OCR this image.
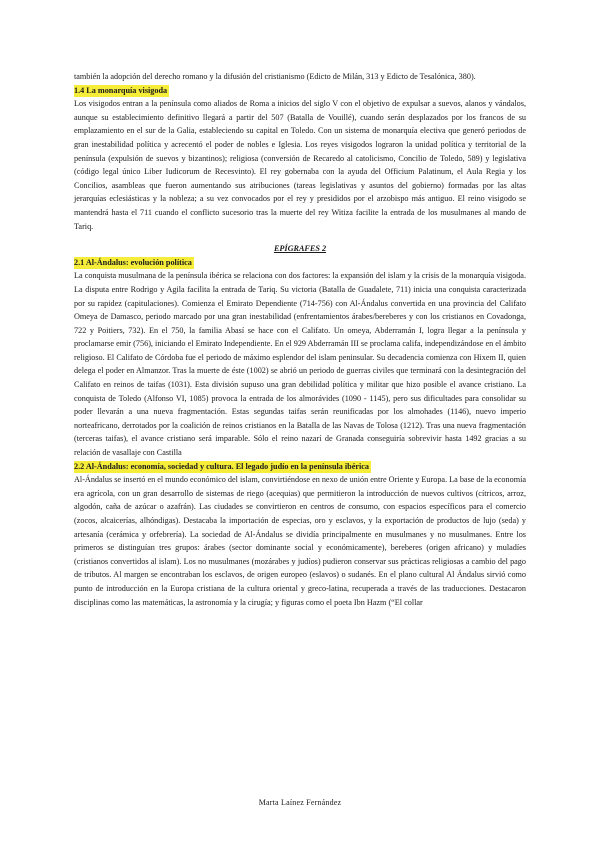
también la adopción del derecho romano y la difusión del cristianismo (Edicto de Milán, 313 y Edicto de Tesalónica, 380).

1.4 La monarquía visigoda

Los visigodos entran a la península como aliados de Roma a inicios del siglo V con el objetivo de expulsar a suevos, alanos y vándalos, aunque su establecimiento definitivo llegará a partir del 507 (Batalla de Vouillé), cuando serán desplazados por los francos de su emplazamiento en el sur de la Galia, estableciendo su capital en Toledo. Con un sistema de monarquía electiva que generó periodos de gran inestabilidad política y acrecentó el poder de nobles e Iglesia. Los reyes visigodos lograron la unidad política y territorial de la península (expulsión de suevos y bizantinos); religiosa (conversión de Recaredo al catolicismo, Concilio de Toledo, 589) y legislativa (código legal único Liber Iudicorum de Recesvinto). El rey gobernaba con la ayuda del Officium Palatinum, el Aula Regia y los Concilios, asambleas que fueron aumentando sus atribuciones (tareas legislativas y asuntos del gobierno) formadas por las altas jerarquías eclesiásticas y la nobleza; a su vez convocados por el rey y presididos por el arzobispo más antiguo. El reino visigodo se mantendrá hasta el 711 cuando el conflicto sucesorio tras la muerte del rey Witiza facilite la entrada de los musulmanes al mando de Tariq.

EPÍGRAFES 2

2.1 Al-Ándalus: evolución política

La conquista musulmana de la península ibérica se relaciona con dos factores: la expansión del islam y la crisis de la monarquía visigoda. La disputa entre Rodrigo y Agila facilita la entrada de Tariq. Su victoria (Batalla de Guadalete, 711) inicia una conquista caracterizada por su rapidez (capitulaciones). Comienza el Emirato Dependiente (714-756) con Al-Ándalus convertida en una provincia del Califato Omeya de Damasco, periodo marcado por una gran inestabilidad (enfrentamientos árabes/bereberes y con los cristianos en Covadonga, 722 y Poitiers, 732). En el 750, la familia Abasí se hace con el Califato. Un omeya, Abderramán I, logra llegar a la península y proclamarse emir (756), iniciando el Emirato Independiente. En el 929 Abderramán III se proclama califa, independizándose en el ámbito religioso. El Califato de Córdoba fue el periodo de máximo esplendor del islam peninsular. Su decadencia comienza con Hixem II, quien delega el poder en Almanzor. Tras la muerte de éste (1002) se abrió un periodo de guerras civiles que terminará con la desintegración del Califato en reinos de taifas (1031). Esta división supuso una gran debilidad política y militar que hizo posible el avance cristiano. La conquista de Toledo (Alfonso VI, 1085) provoca la entrada de los almorávides (1090 - 1145), pero sus dificultades para consolidar su poder llevarán a una nueva fragmentación. Estas segundas taifas serán reunificadas por los almohades (1146), nuevo imperio norteafricano, derrotados por la coalición de reinos cristianos en la Batalla de las Navas de Tolosa (1212). Tras una nueva fragmentación (terceras taifas), el avance cristiano será imparable. Sólo el reino nazarí de Granada conseguiría sobrevivir hasta 1492 gracias a su relación de vasallaje con Castilla

2.2 Al-Ándalus: economía, sociedad y cultura. El legado judío en la península ibérica

Al-Ándalus se insertó en el mundo económico del islam, convirtiéndose en nexo de unión entre Oriente y Europa. La base de la economía era agrícola, con un gran desarrollo de sistemas de riego (acequias) que permitieron la introducción de nuevos cultivos (cítricos, arroz, algodón, caña de azúcar o azafrán). Las ciudades se convirtieron en centros de consumo, con espacios específicos para el comercio (zocos, alcaicerías, alhóndigas). Destacaba la importación de especias, oro y esclavos, y la exportación de productos de lujo (seda) y artesanía (cerámica y orfebrería). La sociedad de Al-Ándalus se dividía principalmente en musulmanes y no musulmanes. Entre los primeros se distinguían tres grupos: árabes (sector dominante social y económicamente), bereberes (origen africano) y muladíes (cristianos convertidos al islam). Los no musulmanes (mozárabes y judíos) pudieron conservar sus prácticas religiosas a cambio del pago de tributos. Al margen se encontraban los esclavos, de origen europeo (eslavos) o sudanés. En el plano cultural Al Ándalus sirvió como punto de introducción en la Europa cristiana de la cultura oriental y greco-latina, recuperada a través de las traducciones. Destacaron disciplinas como las matemáticas, la astronomía y la cirugía; y figuras como el poeta Ibn Hazm (“El collar

Marta Laínez Fernández
